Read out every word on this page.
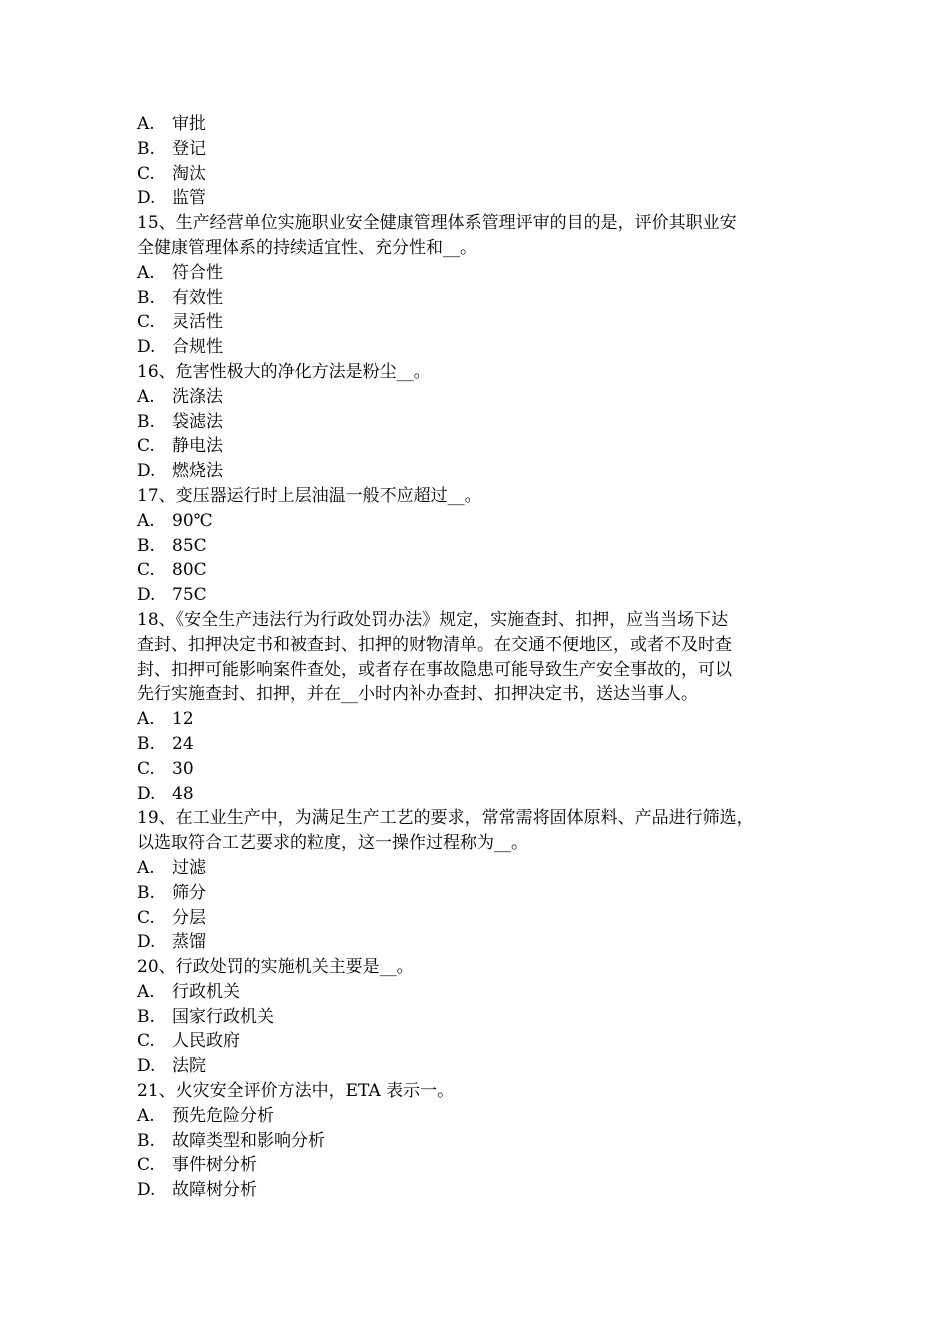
A.	审批
B.	登记
C.	淘汰
D. 监管
15、生产经营单位实施职业安全健康管理体系管理评审的目的是，评价其职业安
全健康管理体系的持续适宜性、充分性和__。
A.	符合性
B.	有效性
C.	灵活性
D. 合规性
16、危害性极大的净化方法是粉尘__。
A.	洗涤法
B.	袋滤法
C.	静电法
D. 燃烧法
17、变压器运行时上层油温一般不应超过__。
A.	90℃
B.	85C
C.	80C
D. 75C
18、《安全生产违法行为行政处罚办法》规定，实施查封、扣押，应当当场下达
查封、扣押决定书和被查封、扣押的财物清单。在交通不便地区，或者不及时查
封、扣押可能影响案件查处，或者存在事故隐患可能导致生产安全事故的，可以
先行实施查封、扣押，并在__小时内补办查封、扣押决定书，送达当事人。
A.	12
B.	24
C.	30
D. 48
19、在工业生产中，为满足生产工艺的要求，常常需将固体原料、产品进行筛选，
以选取符合工艺要求的粒度，这一操作过程称为__。
A.	过滤
B.	筛分
C.	分层
D. 蒸馏
20、行政处罚的实施机关主要是__。
A.	行政机关
B.	国家行政机关
C.	人民政府
D. 法院
21、火灾安全评价方法中，ETA 表示一。
A.	预先危险分析
B.	故障类型和影响分析
C.	事件树分析
D. 故障树分析
